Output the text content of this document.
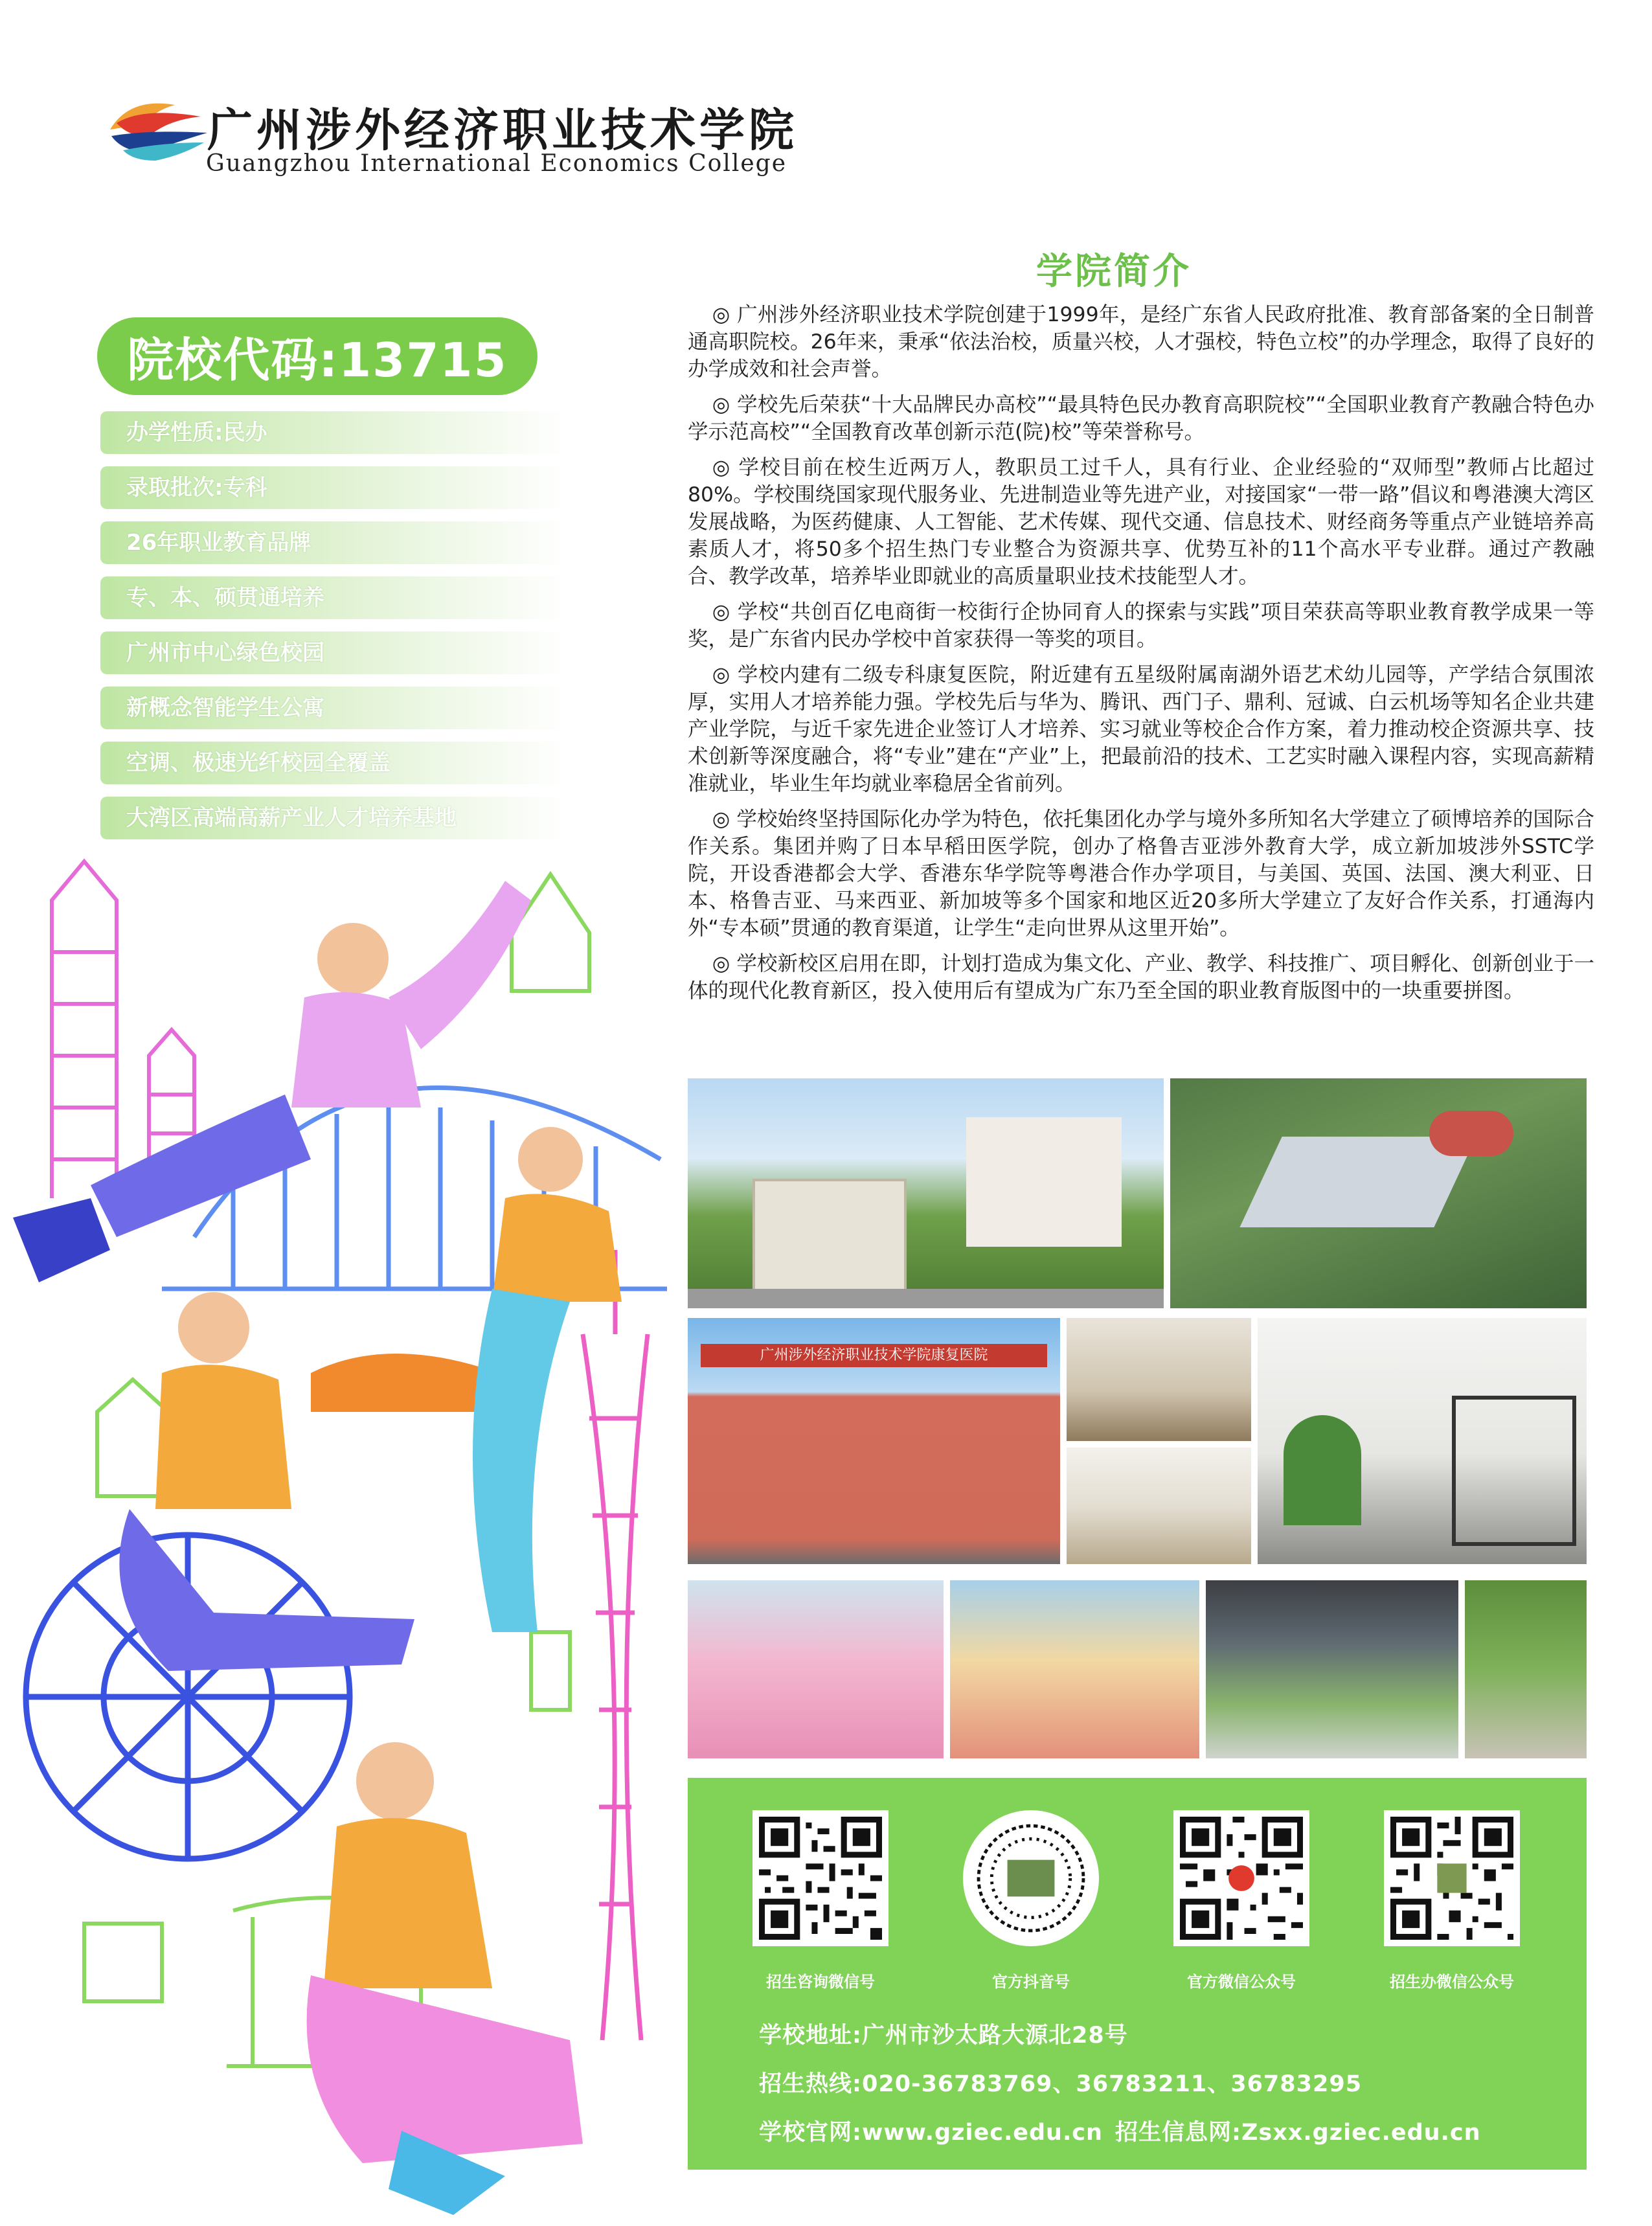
广州涉外经济职业技术学院
Guangzhou International Economics College
院校代码:13715
办学性质:民办
录取批次:专科
26年职业教育品牌
专、本、硕贯通培养
广州市中心绿色校园
新概念智能学生公寓
空调、极速光纤校园全覆盖
大湾区高端高薪产业人才培养基地
学院简介

◎ 广州涉外经济职业技术学院创建于1999年，是经广东省人民政府批准、教育部备案的全日制普通高职院校。26年来，秉承“依法治校，质量兴校，人才强校，特色立校”的办学理念，取得了良好的办学成效和社会声誉。

◎ 学校先后荣获“十大品牌民办高校”“最具特色民办教育高职院校”“全国职业教育产教融合特色办学示范高校”“全国教育改革创新示范(院)校”等荣誉称号。

◎ 学校目前在校生近两万人，教职员工过千人，具有行业、企业经验的“双师型”教师占比超过80%。学校围绕国家现代服务业、先进制造业等先进产业，对接国家“一带一路”倡议和粤港澳大湾区发展战略，为医药健康、人工智能、艺术传媒、现代交通、信息技术、财经商务等重点产业链培养高素质人才，将50多个招生热门专业整合为资源共享、优势互补的11个高水平专业群。通过产教融合、教学改革，培养毕业即就业的高质量职业技术技能型人才。

◎ 学校“共创百亿电商街一校街行企协同育人的探索与实践”项目荣获高等职业教育教学成果一等奖，是广东省内民办学校中首家获得一等奖的项目。

◎ 学校内建有二级专科康复医院，附近建有五星级附属南湖外语艺术幼儿园等，产学结合氛围浓厚，实用人才培养能力强。学校先后与华为、腾讯、西门子、鼎利、冠诚、白云机场等知名企业共建产业学院，与近千家先进企业签订人才培养、实习就业等校企合作方案，着力推动校企资源共享、技术创新等深度融合，将“专业”建在“产业”上，把最前沿的技术、工艺实时融入课程内容，实现高薪精准就业，毕业生年均就业率稳居全省前列。

◎ 学校始终坚持国际化办学为特色，依托集团化办学与境外多所知名大学建立了硕博培养的国际合作关系。集团并购了日本早稻田医学院，创办了格鲁吉亚涉外教育大学，成立新加坡涉外SSTC学院，开设香港都会大学、香港东华学院等粤港合作办学项目，与美国、英国、法国、澳大利亚、日本、格鲁吉亚、马来西亚、新加坡等多个国家和地区近20多所大学建立了友好合作关系，打通海内外“专本硕”贯通的教育渠道，让学生“走向世界从这里开始”。

◎ 学校新校区启用在即，计划打造成为集文化、产业、教学、科技推广、项目孵化、创新创业于一体的现代化教育新区，投入使用后有望成为广东乃至全国的职业教育版图中的一块重要拼图。

广州涉外经济职业技术学院康复医院
招生咨询微信号	官方抖音号	官方微信公众号	招生办微信公众号
学校地址:广州市沙太路大源北28号
招生热线:020-36783769、36783211、36783295
学校官网:www.gziec.edu.cn 招生信息网:Zsxx.gziec.edu.cn
